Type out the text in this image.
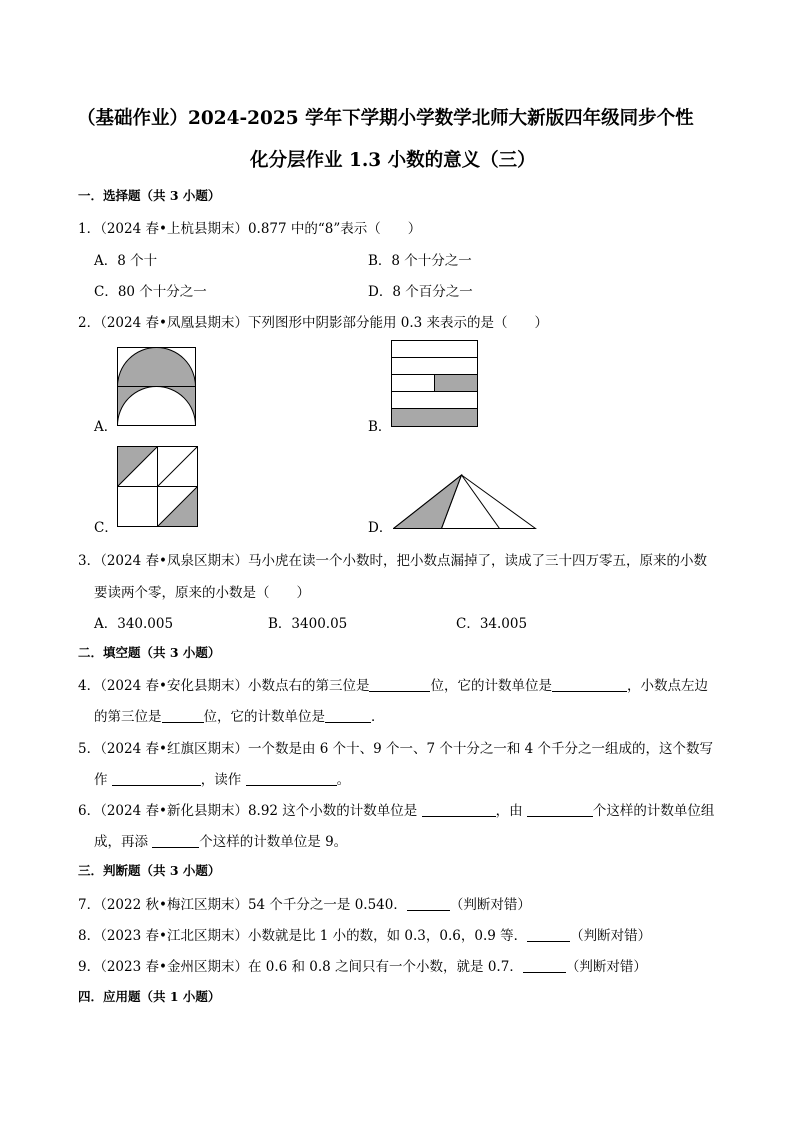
（基础作业）2024-2025 学年下学期小学数学北师大新版四年级同步个性
化分层作业 1.3 小数的意义（三）
一．选择题（共 3 小题）
1．（2024 春•上杭县期末）0.877 中的“8”表示（　　）
A．8 个十	B．8 个十分之一
C．80 个十分之一	D．8 个百分之一
2．（2024 春•凤凰县期末）下列图形中阴影部分能用 0.3 来表示的是（　　）
A．	B．
C．	D．
3．（2024 春•凤泉区期末）马小虎在读一个小数时，把小数点漏掉了，读成了三十四万零五，原来的小数
要读两个零，原来的小数是（　　）
A．340.005	B．3400.05	C．34.005
二．填空题（共 3 小题）
4．（2024 春•安化县期末）小数点右的第三位是	位，它的计数单位是	，小数点左边
的第三位是	位，它的计数单位是	．
5．（2024 春•红旗区期末）一个数是由 6 个十、9 个一、7 个十分之一和 4 个千分之一组成的，这个数写
作	，读作	。
6．（2024 春•新化县期末）8.92 这个小数的计数单位是	，由	个这样的计数单位组
成，再添	个这样的计数单位是 9。
三．判断题（共 3 小题）
7．（2022 秋•梅江区期末）54 个千分之一是 0.540．	（判断对错）
8．（2023 春•江北区期末）小数就是比 1 小的数，如 0.3，0.6，0.9 等．	（判断对错）
9．（2023 春•金州区期末）在 0.6 和 0.8 之间只有一个小数，就是 0.7．	（判断对错）
四．应用题（共 1 小题）
